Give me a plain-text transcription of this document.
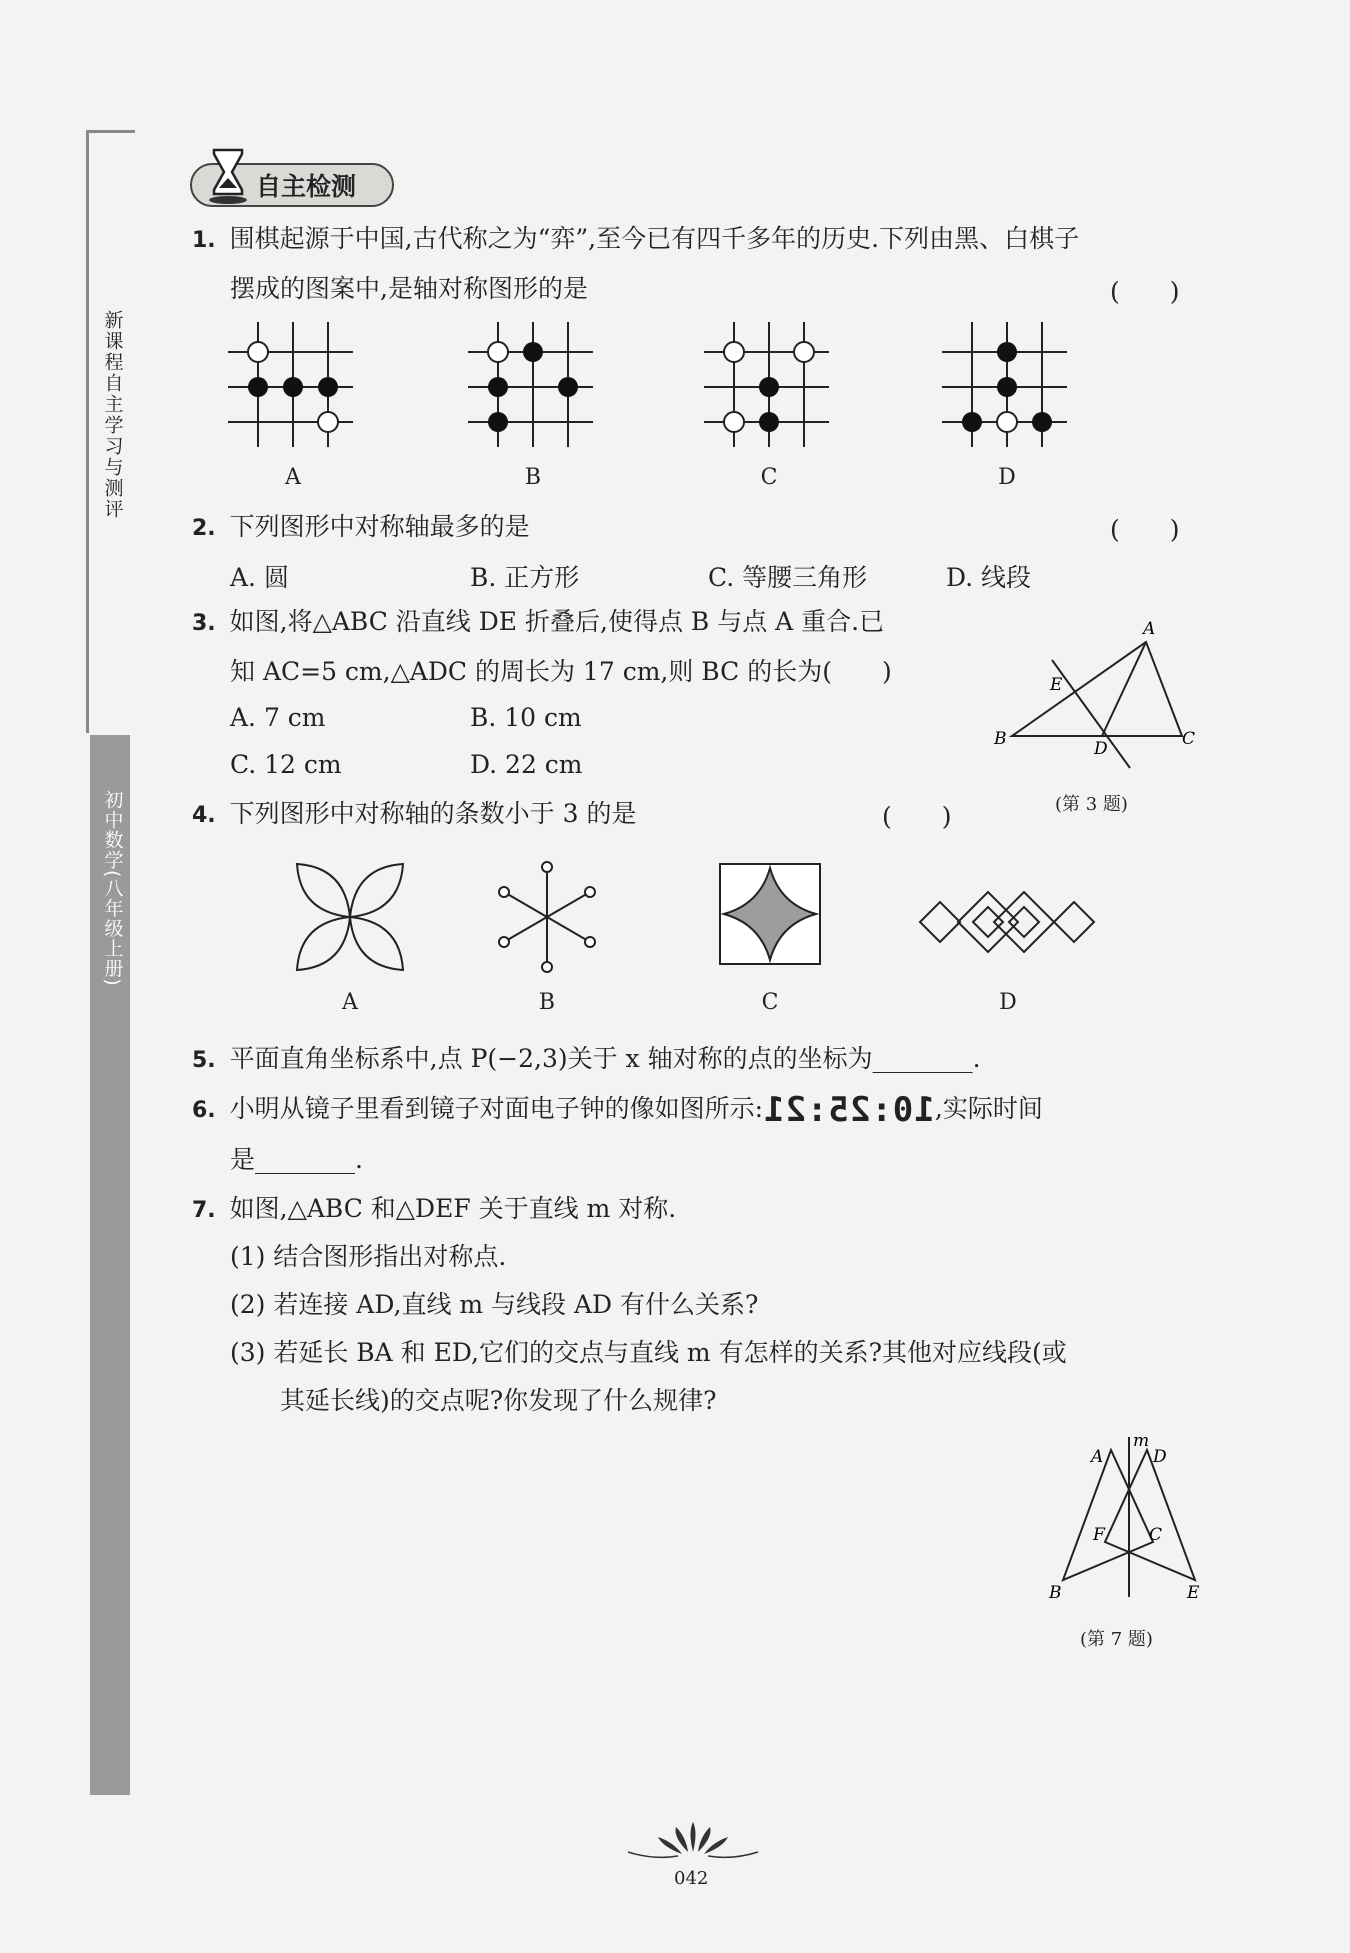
新课程自主学习与测评
初中数学(八年级上册)
自主检测
1. 围棋起源于中国,古代称之为“弈”,至今已有四千多年的历史.下列由黑、白棋子
摆成的图案中,是轴对称图形的是	(　　)
A	B	C	D
2. 下列图形中对称轴最多的是	(　　)
A. 圆	B. 正方形	C. 等腰三角形	D. 线段
3. 如图,将△ABC 沿直线 DE 折叠后,使得点 B 与点 A 重合.已
知 AC=5 cm,△ADC 的周长为 17 cm,则 BC 的长为(　　)
A. 7 cm	B. 10 cm
C. 12 cm	D. 22 cm
A
E
B	D	C
(第 3 题)
4. 下列图形中对称轴的条数小于 3 的是	(　　)
A	B	C	D
5. 平面直角坐标系中,点 P(−2,3)关于 x 轴对称的点的坐标为________.
6. 小明从镜子里看到镜子对面电子钟的像如图所示:10:25:21,实际时间
是________.
7. 如图,△ABC 和△DEF 关于直线 m 对称.
(1) 结合图形指出对称点.
(2) 若连接 AD,直线 m 与线段 AD 有什么关系?
(3) 若延长 BA 和 ED,它们的交点与直线 m 有怎样的关系?其他对应线段(或
其延长线)的交点呢?你发现了什么规律?
m
A	D
F	C
B	E
(第 7 题)
042
